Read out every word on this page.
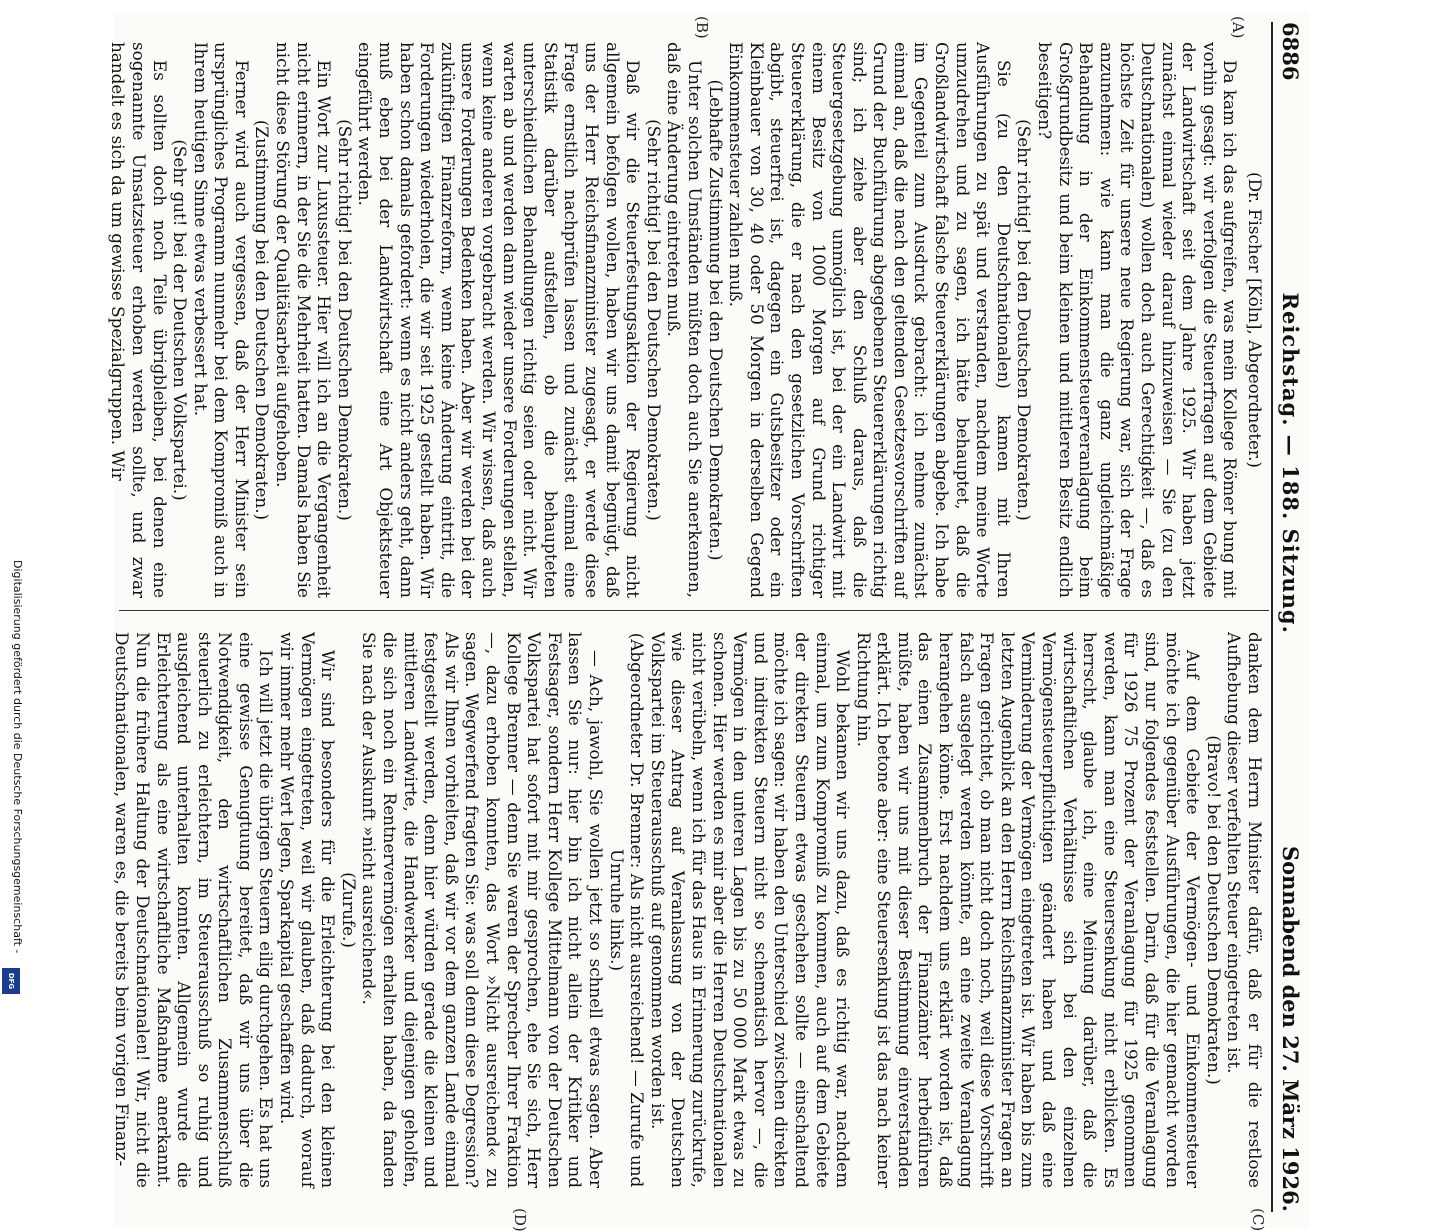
6886
Reichstag. — 188. Sitzung.
Sonnabend den 27. März 1926.
(A)
(B)
(C)
(D)

(Dr. Fischer [Köln], Abgeordneter.)

Da kam ich das aufgreifen, was mein Kollege Römer bung mit vorhin gesagt: wir verfolgen die Steuerfragen auf dem Gebiete der Landwirtschaft seit dem Jahre 1925. Wir haben jetzt zunächst einmal wieder darauf hinzuweisen — Sie (zu den Deutschnationalen) wollen doch auch Gerechtigkeit —, daß es höchste Zeit für unsere neue Regierung war, sich der Frage anzunehmen: wie kann man die ganz ungleichmäßige Behandlung in der Einkommensteuerveranlagung beim Großgrundbesitz und beim kleinen und mittleren Besitz endlich beseitigen?

(Sehr richtig! bei den Deutschen Demokraten.)

Sie (zu den Deutschnationalen) kamen mit Ihren Ausführungen zu spät und verstanden, nachdem meine Worte umzudrehen und zu sagen, ich hätte behauptet, daß die Großlandwirtschaft falsche Steuererklärungen abgebe. Ich habe im Gegenteil zum Ausdruck gebracht: ich nehme zunächst einmal an, daß die nach den geltenden Gesetzesvorschriften auf Grund der Buchführung abgegebenen Steuererklärungen richtig sind; ich ziehe aber den Schluß daraus, daß die Steuergesetzgebung unmöglich ist, bei der ein Landwirt mit einem Besitz von 1000 Morgen auf Grund richtiger Steuererklärung, die er nach den gesetzlichen Vorschriften abgibt, steuerfrei ist, dagegen ein Gutsbesitzer oder ein Kleinbauer von 30, 40 oder 50 Morgen in derselben Gegend Einkommensteuer zahlen muß.

(Lebhafte Zustimmung bei den Deutschen Demokraten.)

Unter solchen Umständen müßten doch auch Sie anerkennen, daß eine Änderung eintreten muß.

(Sehr richtig! bei den Deutschen Demokraten.)

Daß wir die Steuerfestungsaktion der Regierung nicht allgemein befolgen wollen, haben wir uns damit begnügt, daß uns der Herr Reichsfinanzminister zugesagt, er werde diese Frage ernstlich nachprüfen lassen und zunächst einmal eine Statistik darüber aufstellen, ob die behaupteten unterschiedlichen Behandlungen richtig seien oder nicht. Wir warten ab und werden dann wieder unsere Forderungen stellen, wenn keine anderen vorgebracht werden. Wir wissen, daß auch unsere Forderungen Bedenken haben. Aber wir werden bei der zukünftigen Finanzreform, wenn keine Änderung eintritt, die Forderungen wiederholen, die wir seit 1925 gestellt haben. Wir haben schon damals gefordert: wenn es nicht anders geht, dann muß eben bei der Landwirtschaft eine Art Objektsteuer eingeführt werden.

(Sehr richtig! bei den Deutschen Demokraten.)

Ein Wort zur Luxussteuer. Hier will ich an die Vergangenheit nicht erinnern, in der Sie die Mehrheit hatten. Damals haben Sie nicht diese Störung der Qualitätsarbeit aufgehoben.

(Zustimmung bei den Deutschen Demokraten.)

Ferner wird auch vergessen, daß der Herr Minister sein ursprüngliches Programm nunmehr bei dem Kompromiß auch in Ihrem heutigen Sinne etwas verbessert hat.

(Sehr gut! bei der Deutschen Volkspartei.)

Es sollten doch noch Teile übrigbleiben, bei denen eine sogenannte Umsatzsteuer erhoben werden sollte, und zwar handelt es sich da um gewisse Spezialgruppen. Wir

danken dem Herrn Minister dafür, daß er für die restlose Aufhebung dieser verfehlten Steuer eingetreten ist.

(Bravo! bei den Deutschen Demokraten.)

Auf dem Gebiete der Vermögen- und Einkommensteuer möchte ich gegenüber Ausführungen, die hier gemacht worden sind, nur folgendes feststellen. Darin, daß für die Veranlagung für 1926 75 Prozent der Veranlagung für 1925 genommen werden, kann man eine Steuersenkung nicht erblicken. Es herrscht, glaube ich, eine Meinung darüber, daß die wirtschaftlichen Verhältnisse sich bei den einzelnen Vermögensteuerpflichtigen geändert haben und daß eine Verminderung der Vermögen eingetreten ist. Wir haben bis zum letzten Augenblick an den Herrn Reichsfinanzminister Fragen an Fragen gerichtet, ob man nicht doch noch, weil diese Vorschrift falsch ausgelegt werden könnte, an eine zweite Veranlagung herangehen könne. Erst nachdem uns erklärt worden ist, daß das einen Zusammenbruch der Finanzämter herbeiführen müßte, haben wir uns mit dieser Bestimmung einverstanden erklärt. Ich betone aber: eine Steuersenkung ist das nach keiner Richtung hin.

Wohl bekamen wir uns dazu, daß es richtig war, nachdem einmal, um zum Kompromiß zu kommen, auch auf dem Gebiete der direkten Steuern etwas geschehen sollte — einschaltend möchte ich sagen: wir haben den Unterschied zwischen direkten und indirekten Steuern nicht so schematisch hervor —, die Vermögen in den unteren Lagen bis zu 50 000 Mark etwas zu schonen. Hier werden es mir aber die Herren Deutschnationalen nicht verübeln, wenn ich für das Haus in Erinnerung zurückrufe, wie dieser Antrag auf Veranlassung von der Deutschen Volkspartei im Steuerausschuß auf genommen worden ist.

(Abgeordneter Dr. Brenner: Als nicht ausreichend! — Zurufe und Unruhe links.)

— Ach, jawohl, Sie wollen jetzt so schnell etwas sagen. Aber lassen Sie nur: hier bin ich nicht allein der Kritiker und Festsager, sondern Herr Kollege Mittelmann von der Deutschen Volkspartei hat sofort mit mir gesprochen, ehe Sie sich, Herr Kollege Brenner — denn Sie waren der Sprecher Ihrer Fraktion —, dazu erhoben konnten, das Wort »Nicht ausreichend« zu sagen. Wegwerfend fragten Sie: was soll denn diese Degression? Als wir Ihnen vorhielten, daß wir vor dem ganzen Lande einmal festgestellt werden, denn hier würden gerade die kleinen und mittleren Landwirte, die Handwerker und diejenigen geholfen, die sich noch ein Rentnervermögen erhalten haben, da fanden Sie nach der Auskunft »nicht ausreichend«.

(Zurufe.)

Wir sind besonders für die Erleichterung bei den kleinen Vermögen eingetreten, weil wir glauben, daß dadurch, worauf wir immer mehr Wert legen, Sparkapital geschaffen wird.

Ich will jetzt die übrigen Steuern eilig durchgehen. Es hat uns eine gewisse Genugtuung bereitet, daß wir uns über die Notwendigkeit, den wirtschaftlichen Zusammenschluß steuerlich zu erleichtern, im Steuerausschuß so ruhig und ausgleichend unterhalten konnten. Allgemein wurde die Erleichterung als eine wirtschaftliche Maßnahme anerkannt. Nun die frühere Haltung der Deutschnationalen! Wir, nicht die Deutschnationalen, waren es, die bereits beim vorigen Finanz-

Digitalisierung gefördert durch die Deutsche Forschungsgemeinschaft -
DFG
